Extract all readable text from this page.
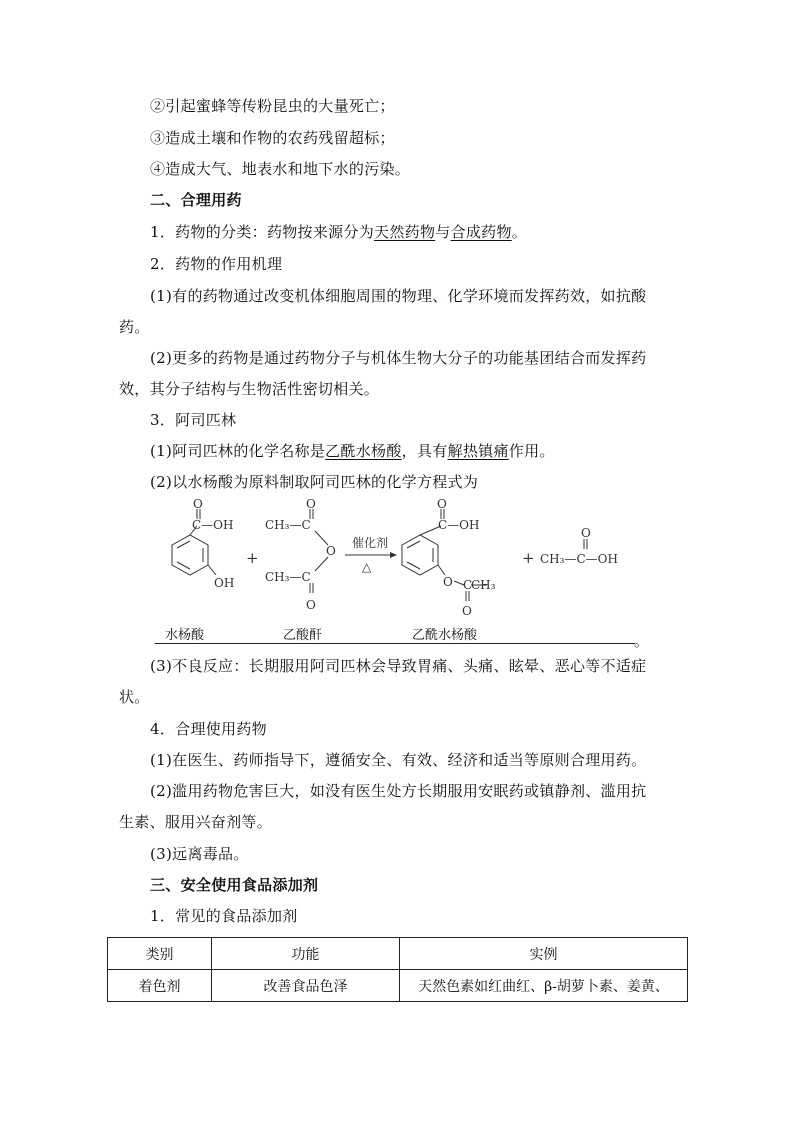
②引起蜜蜂等传粉昆虫的大量死亡；
③造成土壤和作物的农药残留超标；
④造成大气、地表水和地下水的污染。
二、合理用药
1．药物的分类：药物按来源分为天然药物与合成药物。
2．药物的作用机理
(1)有的药物通过改变机体细胞周围的物理、化学环境而发挥药效，如抗酸
药。
(2)更多的药物是通过药物分子与机体生物大分子的功能基团结合而发挥药
效，其分子结构与生物活性密切相关。
3．阿司匹林
(1)阿司匹林的化学名称是乙酰水杨酸，具有解热镇痛作用。
(2)以水杨酸为原料制取阿司匹林的化学方程式为
O
C—OH
OH
+
O
CH₃—C
O
CH₃—C
O
催化剂
△
O
C—OH
O C
CH₃
O
+
O
CH₃—C—OH
水杨酸	乙酸酐	乙酰水杨酸	。
(3)不良反应：长期服用阿司匹林会导致胃痛、头痛、眩晕、恶心等不适症
状。
4．合理使用药物
(1)在医生、药师指导下，遵循安全、有效、经济和适当等原则合理用药。
(2)滥用药物危害巨大，如没有医生处方长期服用安眠药或镇静剂、滥用抗
生素、服用兴奋剂等。
(3)远离毒品。
三、安全使用食品添加剂
1．常见的食品添加剂
类别	功能	实例
着色剂	改善食品色泽	天然色素如红曲红、β-胡萝卜素、姜黄、
